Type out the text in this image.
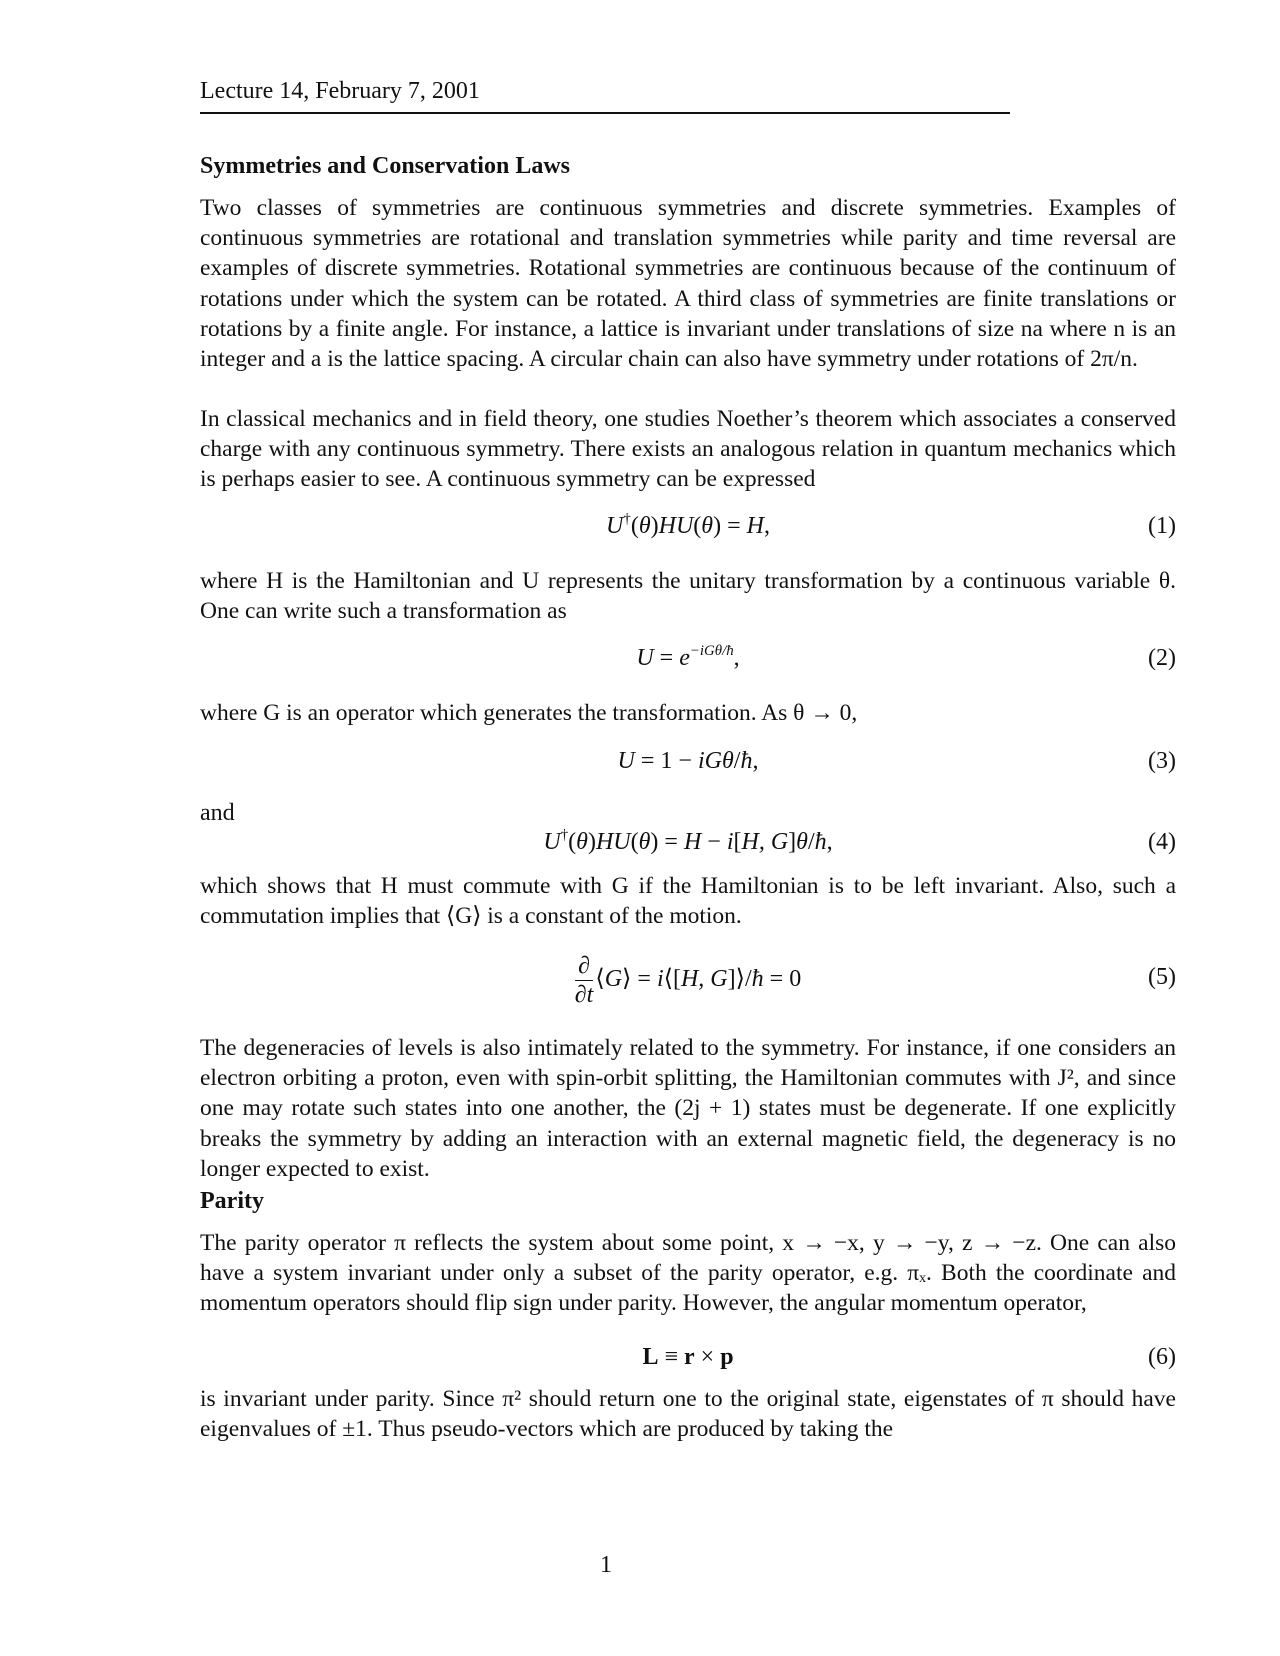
Lecture 14, February 7, 2001
Symmetries and Conservation Laws
Two classes of symmetries are continuous symmetries and discrete symmetries. Examples of continuous symmetries are rotational and translation symmetries while parity and time reversal are examples of discrete symmetries. Rotational symmetries are continuous because of the continuum of rotations under which the system can be rotated. A third class of symmetries are finite translations or rotations by a finite angle. For instance, a lattice is invariant under translations of size na where n is an integer and a is the lattice spacing. A circular chain can also have symmetry under rotations of 2π/n.
In classical mechanics and in field theory, one studies Noether’s theorem which associates a conserved charge with any continuous symmetry. There exists an analogous relation in quantum mechanics which is perhaps easier to see. A continuous symmetry can be expressed
U†(θ)HU(θ) = H,	(1)
where H is the Hamiltonian and U represents the unitary transformation by a continuous variable θ. One can write such a transformation as
$U = e^{-iG\theta/ħ}$,	(2)
where G is an operator which generates the transformation. As θ → 0,
U = 1 − iGθ/ħ,	(3)
and
U†(θ)HU(θ) = H − i[H, G]θ/ħ,	(4)
which shows that H must commute with G if the Hamiltonian is to be left invariant. Also, such a commutation implies that ⟨G⟩ is a constant of the motion.
$\frac{\partial}{\partial t}$ ⟨G⟩ = i⟨[H, G]⟩/ħ = 0	(5)
The degeneracies of levels is also intimately related to the symmetry. For instance, if one considers an electron orbiting a proton, even with spin-orbit splitting, the Hamiltonian commutes with J², and since one may rotate such states into one another, the (2j + 1) states must be degenerate. If one explicitly breaks the symmetry by adding an interaction with an external magnetic field, the degeneracy is no longer expected to exist.
Parity
The parity operator π reflects the system about some point, x → −x, y → −y, z → −z. One can also have a system invariant under only a subset of the parity operator, e.g. πₓ. Both the coordinate and momentum operators should flip sign under parity. However, the angular momentum operator,
L ≡ r × p	(6)
is invariant under parity. Since π² should return one to the original state, eigenstates of π should have eigenvalues of ±1. Thus pseudo-vectors which are produced by taking the
1
